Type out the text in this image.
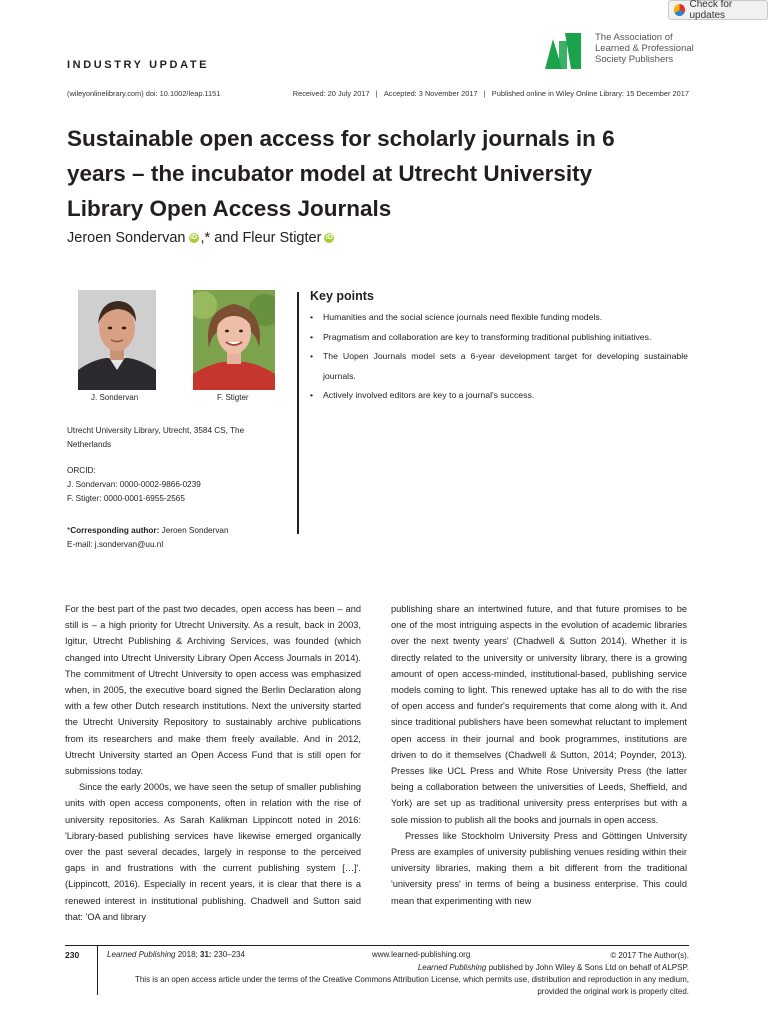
Check for updates
The Association of
Learned & Professional
Society Publishers
INDUSTRY UPDATE
(wileyonlinelibrary.com) doi: 10.1002/leap.1151	Received: 20 July 2017 | Accepted: 3 November 2017 | Published online in Wiley Online Library: 15 December 2017
Sustainable open access for scholarly journals in 6 years – the incubator model at Utrecht University Library Open Access Journals
Jeroen Sondervan iD ,*
and
Fleur Stigter iD
J. Sondervan	F. Stigter
Utrecht University Library, Utrecht, 3584 CS, The Netherlands
ORCID:
J. Sondervan: 0000-0002-9866-0239
F. Stigter: 0000-0001-6955-2565
*Corresponding author: Jeroen Sondervan
E-mail: j.sondervan@uu.nl
Key points
• Humanities and the social science journals need flexible funding models.
• Pragmatism and collaboration are key to transforming traditional publishing initiatives.
• The Uopen Journals model sets a 6-year development target for developing sustainable journals.
• Actively involved editors are key to a journal's success.

For the best part of the past two decades, open access has been – and still is – a high priority for Utrecht University. As a result, back in 2003, Igitur, Utrecht Publishing & Archiving Services, was founded (which changed into Utrecht University Library Open Access Journals in 2014). The commitment of Utrecht University to open access was emphasized when, in 2005, the executive board signed the Berlin Declaration along with a few other Dutch research institutions. Next the university started the Utrecht University Repository to sustainably archive publications from its researchers and make them freely available. And in 2012, Utrecht University started an Open Access Fund that is still open for submissions today.

Since the early 2000s, we have seen the setup of smaller publishing units with open access components, often in relation with the rise of university repositories. As Sarah Kalikman Lippincott noted in 2016: 'Library-based publishing services have likewise emerged organically over the past several decades, largely in response to the perceived gaps in and frustrations with the current publishing system […]'. (Lippincott, 2016). Especially in recent years, it is clear that there is a renewed interest in institutional publishing. Chadwell and Sutton said that: 'OA and library

publishing share an intertwined future, and that future promises to be one of the most intriguing aspects in the evolution of academic libraries over the next twenty years' (Chadwell & Sutton 2014). Whether it is directly related to the university or university library, there is a growing amount of open access-minded, institutional-based, publishing service models coming to light. This renewed uptake has all to do with the rise of open access and funder's requirements that come along with it. And since traditional publishers have been somewhat reluctant to implement open access in their journal and book programmes, institutions are driven to do it themselves (Chadwell & Sutton, 2014; Poynder, 2013). Presses like UCL Press and White Rose University Press (the latter being a collaboration between the universities of Leeds, Sheffield, and York) are set up as traditional university press enterprises but with a sole mission to publish all the books and journals in open access.

Presses like Stockholm University Press and Göttingen University Press are examples of university publishing venues residing within their university libraries, making them a bit different from the traditional 'university press' in terms of being a business enterprise. This could mean that experimenting with new

230	Learned Publishing 2018; 31: 230–234	www.learned-publishing.org	© 2017 The Author(s).
Learned Publishing published by John Wiley & Sons Ltd on behalf of ALPSP.
This is an open access article under the terms of the Creative Commons Attribution License, which permits use, distribution and reproduction in any medium, provided the original work is properly cited.
